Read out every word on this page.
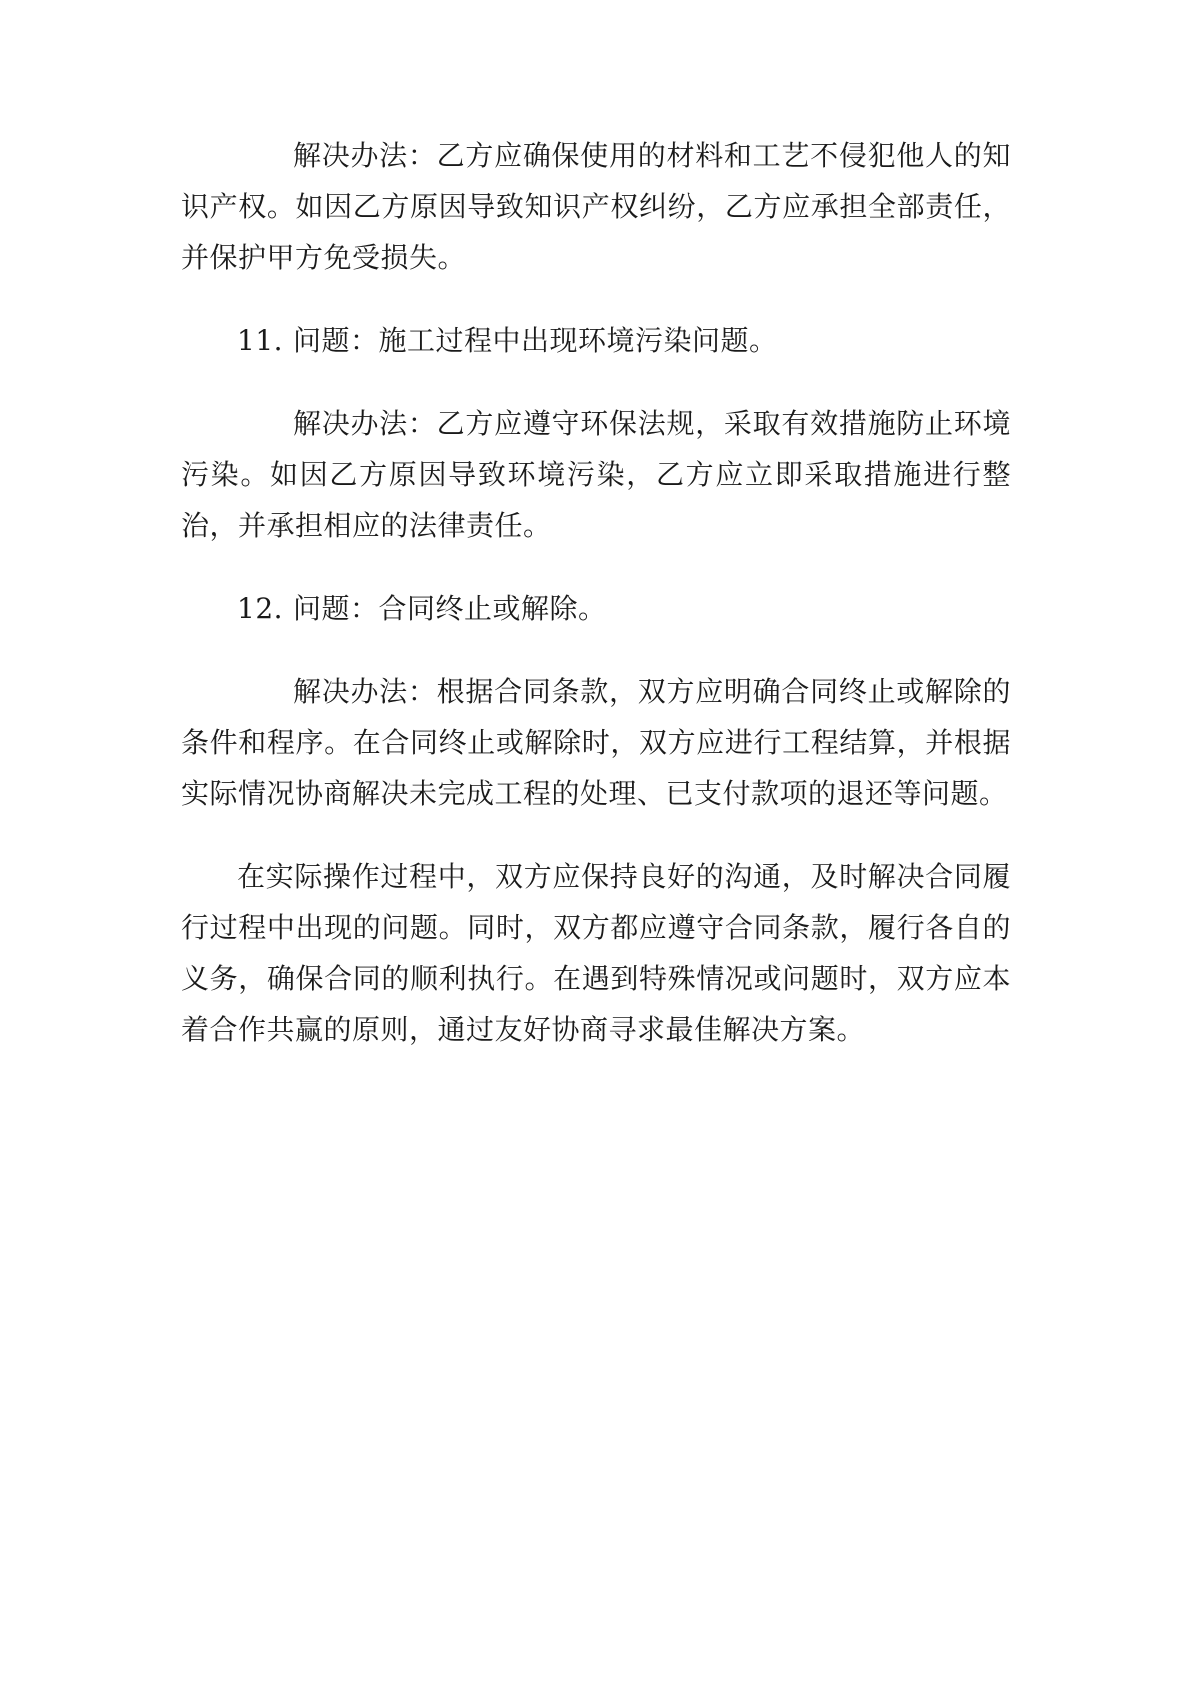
解决办法：乙方应确保使用的材料和工艺不侵犯他人的知识产权。如因乙方原因导致知识产权纠纷，乙方应承担全部责任，并保护甲方免受损失。

11. 问题：施工过程中出现环境污染问题。

解决办法：乙方应遵守环保法规，采取有效措施防止环境污染。如因乙方原因导致环境污染，乙方应立即采取措施进行整治，并承担相应的法律责任。

12. 问题：合同终止或解除。

解决办法：根据合同条款，双方应明确合同终止或解除的条件和程序。在合同终止或解除时，双方应进行工程结算，并根据实际情况协商解决未完成工程的处理、已支付款项的退还等问题。

在实际操作过程中，双方应保持良好的沟通，及时解决合同履行过程中出现的问题。同时，双方都应遵守合同条款，履行各自的义务，确保合同的顺利执行。在遇到特殊情况或问题时，双方应本着合作共赢的原则，通过友好协商寻求最佳解决方案。
